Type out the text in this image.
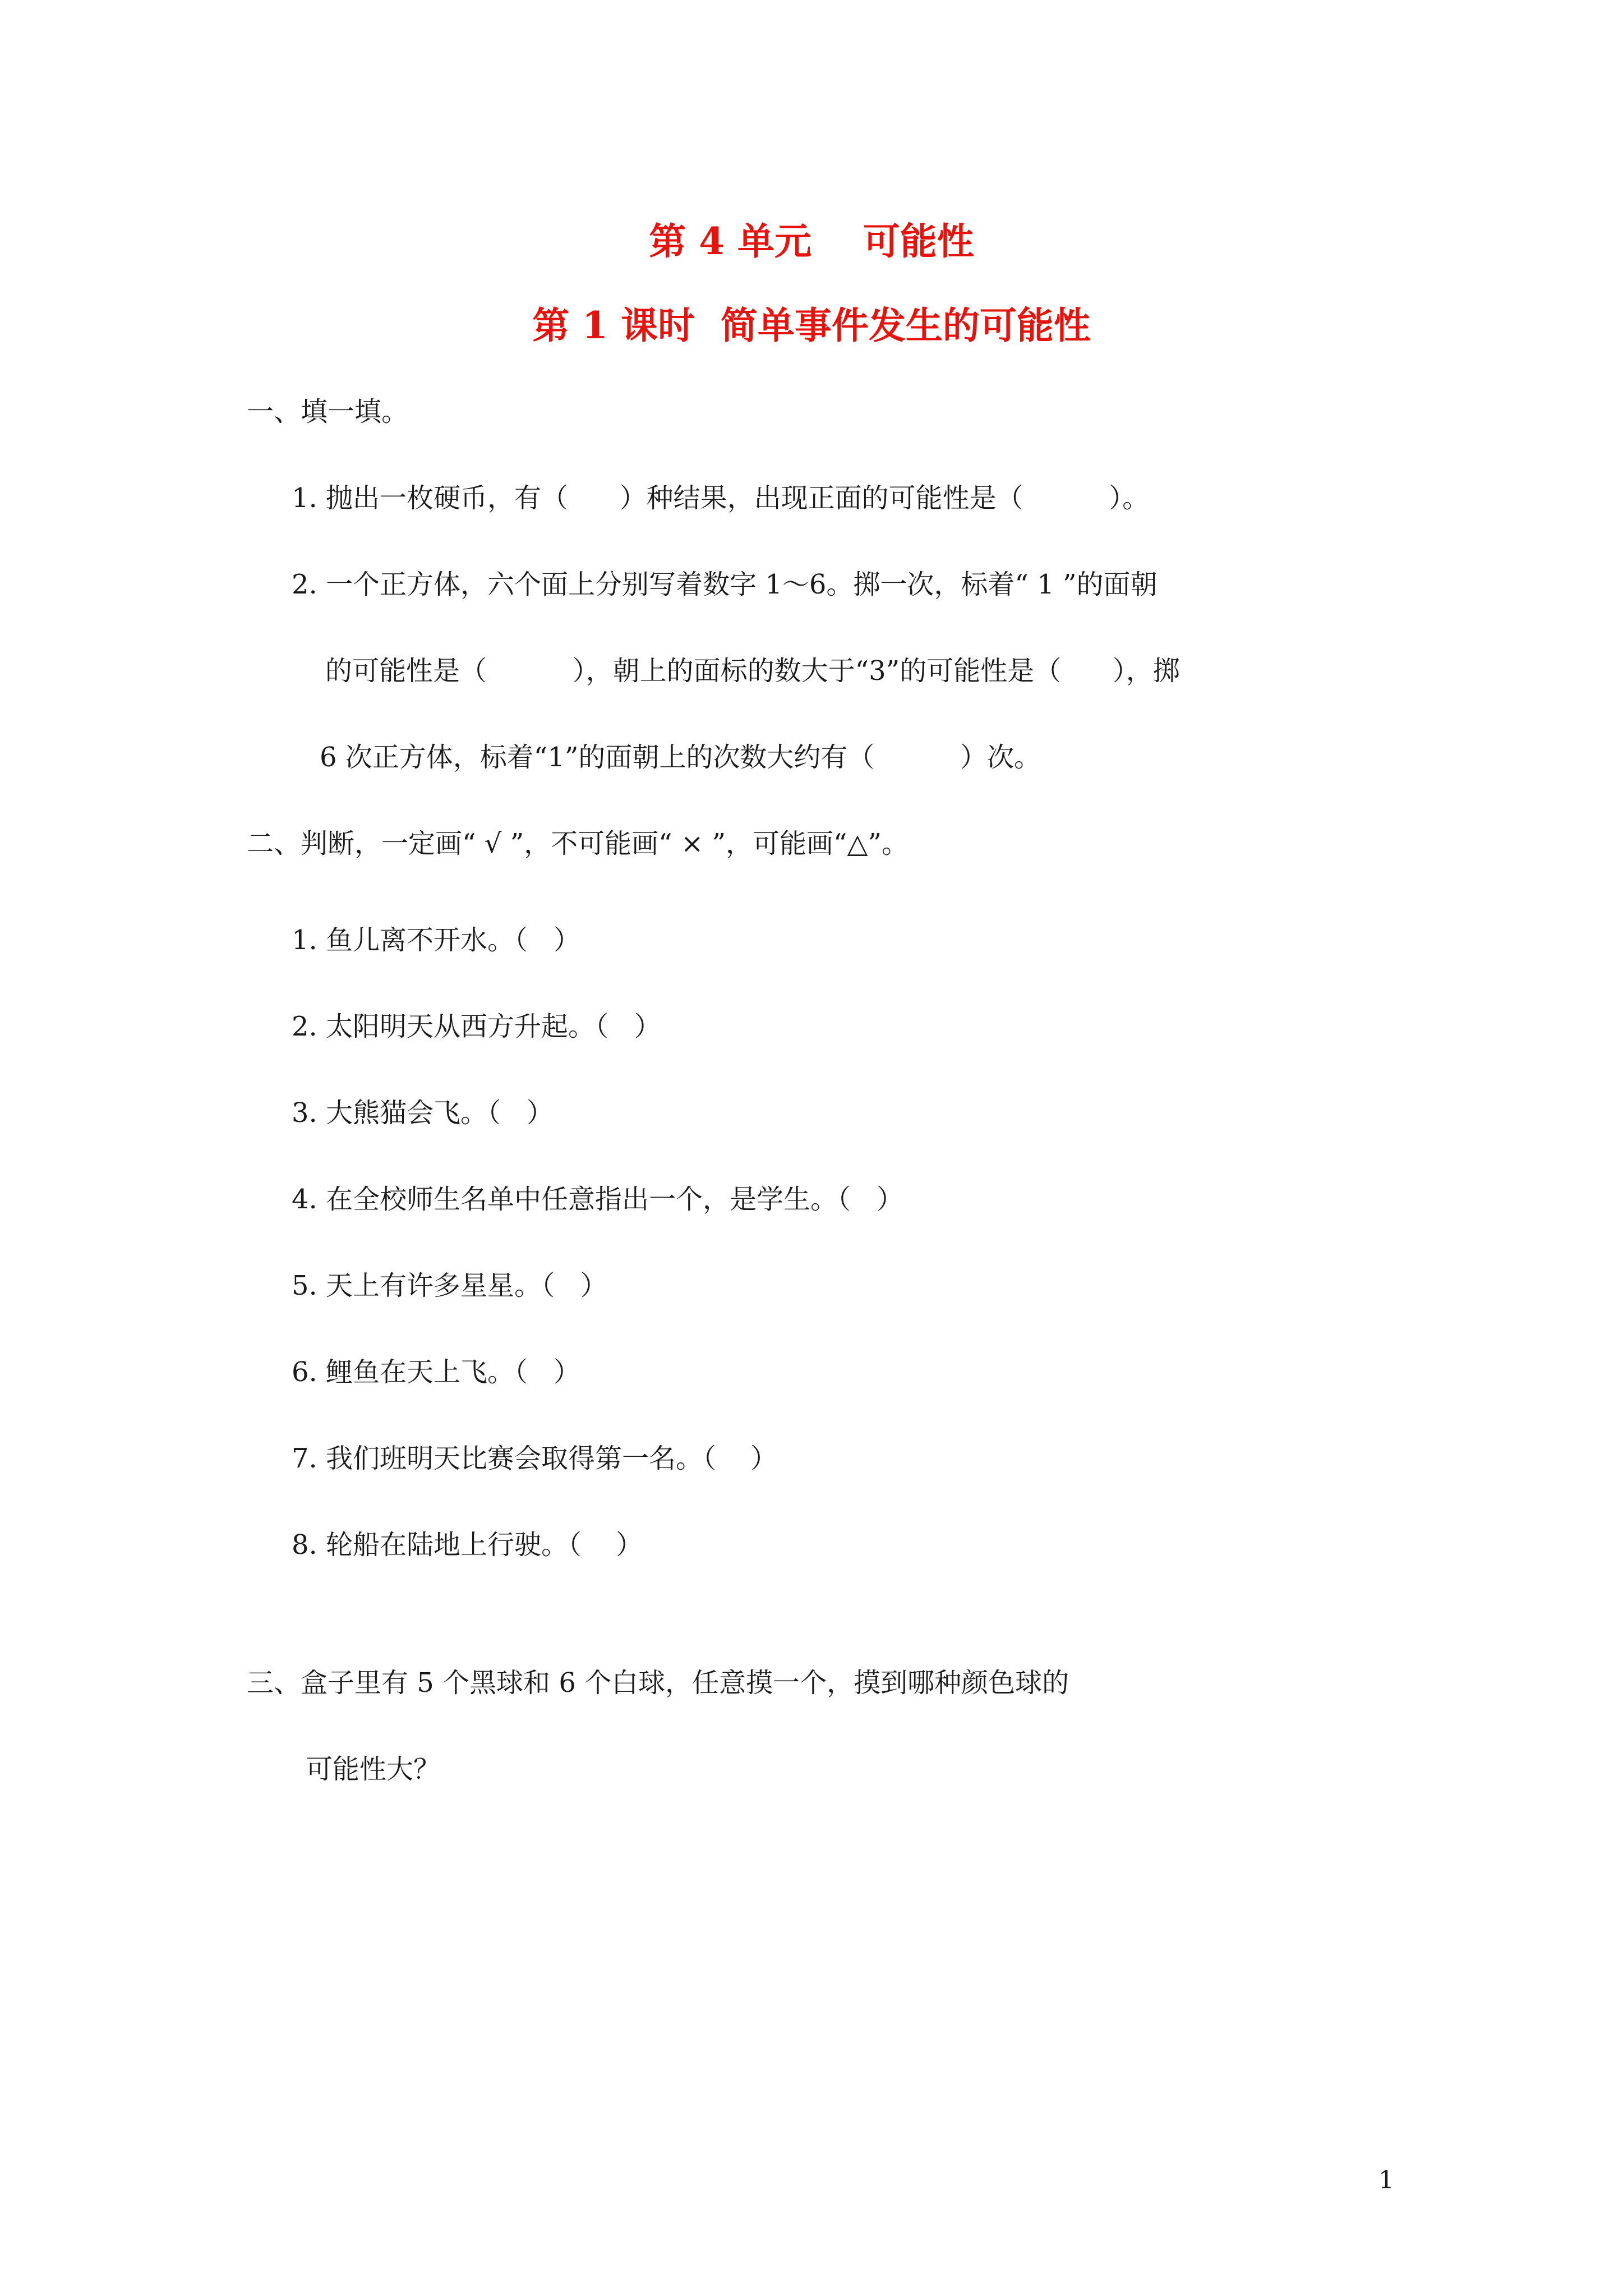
第 4 单元    可能性
第 1 课时  简单事件发生的可能性
一、填一填。
1. 抛出一枚硬币，有（      ）种结果，出现正面的可能性是（          ）。
2. 一个正方体，六个面上分别写着数字 1～6。掷一次，标着“ 1 ”的面朝
的可能性是（          ），朝上的面标的数大于“3”的可能性是（      ），掷
6 次正方体，标着“1”的面朝上的次数大约有（          ）次。
二、判断，一定画“ √ ”，不可能画“ × ”，可能画“△”。
1. 鱼儿离不开水。（   ）
2. 太阳明天从西方升起。（   ）
3. 大熊猫会飞。（   ）
4. 在全校师生名单中任意指出一个，是学生。（   ）
5. 天上有许多星星。（   ）
6. 鲤鱼在天上飞。（   ）
7. 我们班明天比赛会取得第一名。（    ）
8. 轮船在陆地上行驶。（    ）
三、盒子里有 5 个黑球和 6 个白球，任意摸一个，摸到哪种颜色球的
可能性大？
1
